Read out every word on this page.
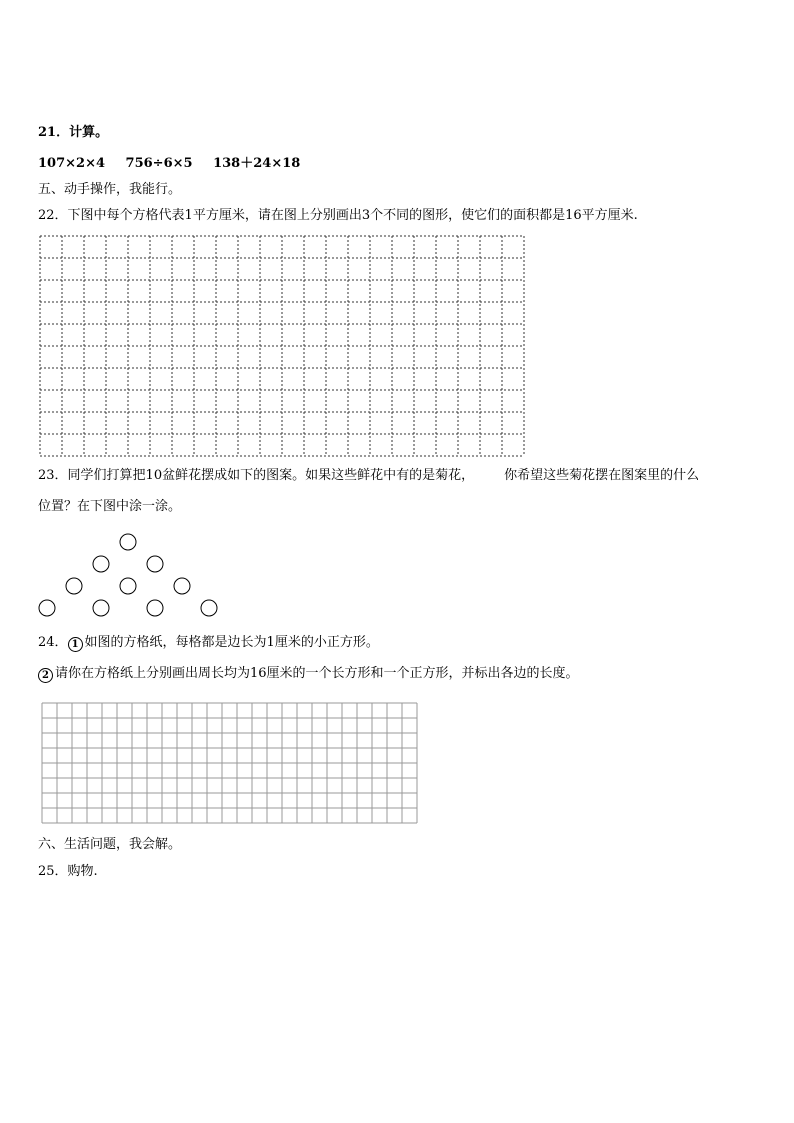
21．计算。
107×2×4 756÷6×5 138＋24×18
五、动手操作，我能行。
22．下图中每个方格代表1平方厘米，请在图上分别画出3个不同的图形，使它们的面积都是16平方厘米.
23．同学们打算把10盆鲜花摆成如下的图案。如果这些鲜花中有的是菊花， 你希望这些菊花摆在图案里的什么
位置？在下图中涂一涂。
24． 1 如图的方格纸，每格都是边长为1厘米的小正方形。
2 请你在方格纸上分别画出周长均为16厘米的一个长方形和一个正方形，并标出各边的长度。
六、生活问题，我会解。
25．购物.
